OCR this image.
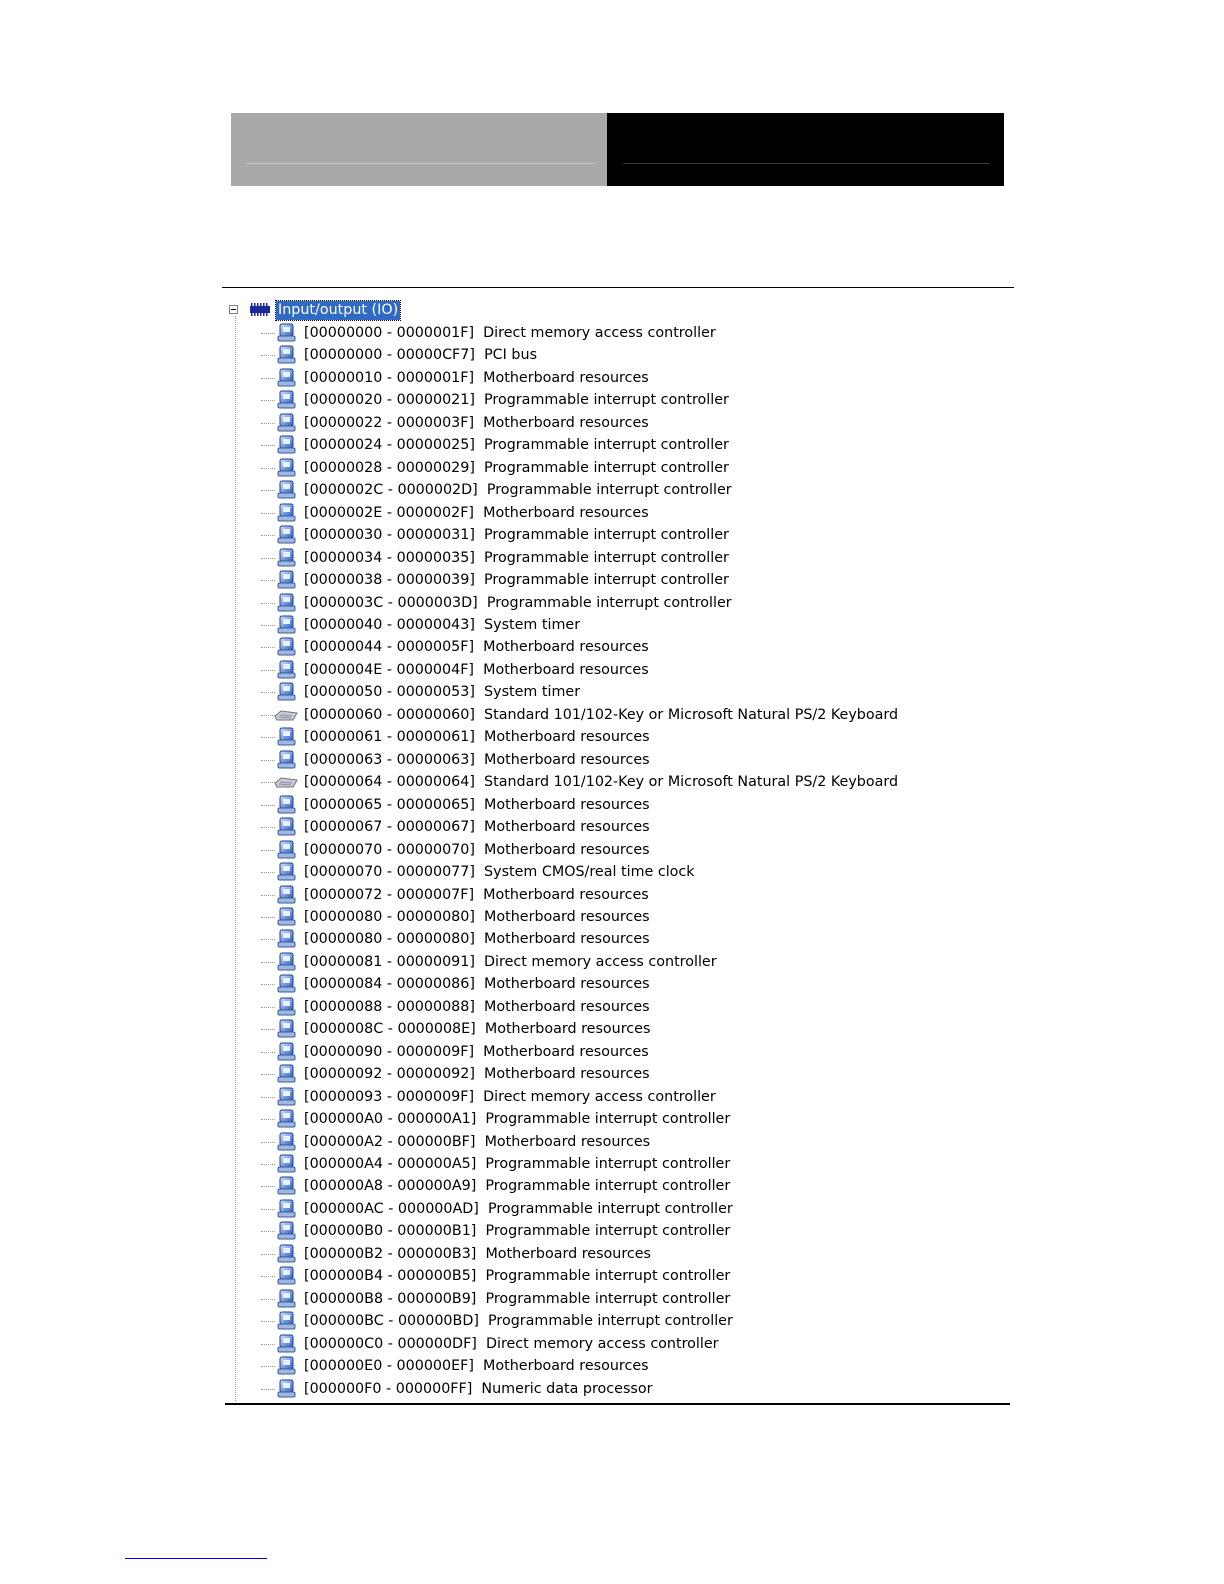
Input/output (IO)
[00000000 - 0000001F] Direct memory access controller
[00000000 - 00000CF7] PCI bus
[00000010 - 0000001F] Motherboard resources
[00000020 - 00000021] Programmable interrupt controller
[00000022 - 0000003F] Motherboard resources
[00000024 - 00000025] Programmable interrupt controller
[00000028 - 00000029] Programmable interrupt controller
[0000002C - 0000002D] Programmable interrupt controller
[0000002E - 0000002F] Motherboard resources
[00000030 - 00000031] Programmable interrupt controller
[00000034 - 00000035] Programmable interrupt controller
[00000038 - 00000039] Programmable interrupt controller
[0000003C - 0000003D] Programmable interrupt controller
[00000040 - 00000043] System timer
[00000044 - 0000005F] Motherboard resources
[0000004E - 0000004F] Motherboard resources
[00000050 - 00000053] System timer
[00000060 - 00000060] Standard 101/102-Key or Microsoft Natural PS/2 Keyboard
[00000061 - 00000061] Motherboard resources
[00000063 - 00000063] Motherboard resources
[00000064 - 00000064] Standard 101/102-Key or Microsoft Natural PS/2 Keyboard
[00000065 - 00000065] Motherboard resources
[00000067 - 00000067] Motherboard resources
[00000070 - 00000070] Motherboard resources
[00000070 - 00000077] System CMOS/real time clock
[00000072 - 0000007F] Motherboard resources
[00000080 - 00000080] Motherboard resources
[00000080 - 00000080] Motherboard resources
[00000081 - 00000091] Direct memory access controller
[00000084 - 00000086] Motherboard resources
[00000088 - 00000088] Motherboard resources
[0000008C - 0000008E] Motherboard resources
[00000090 - 0000009F] Motherboard resources
[00000092 - 00000092] Motherboard resources
[00000093 - 0000009F] Direct memory access controller
[000000A0 - 000000A1] Programmable interrupt controller
[000000A2 - 000000BF] Motherboard resources
[000000A4 - 000000A5] Programmable interrupt controller
[000000A8 - 000000A9] Programmable interrupt controller
[000000AC - 000000AD] Programmable interrupt controller
[000000B0 - 000000B1] Programmable interrupt controller
[000000B2 - 000000B3] Motherboard resources
[000000B4 - 000000B5] Programmable interrupt controller
[000000B8 - 000000B9] Programmable interrupt controller
[000000BC - 000000BD] Programmable interrupt controller
[000000C0 - 000000DF] Direct memory access controller
[000000E0 - 000000EF] Motherboard resources
[000000F0 - 000000FF] Numeric data processor
